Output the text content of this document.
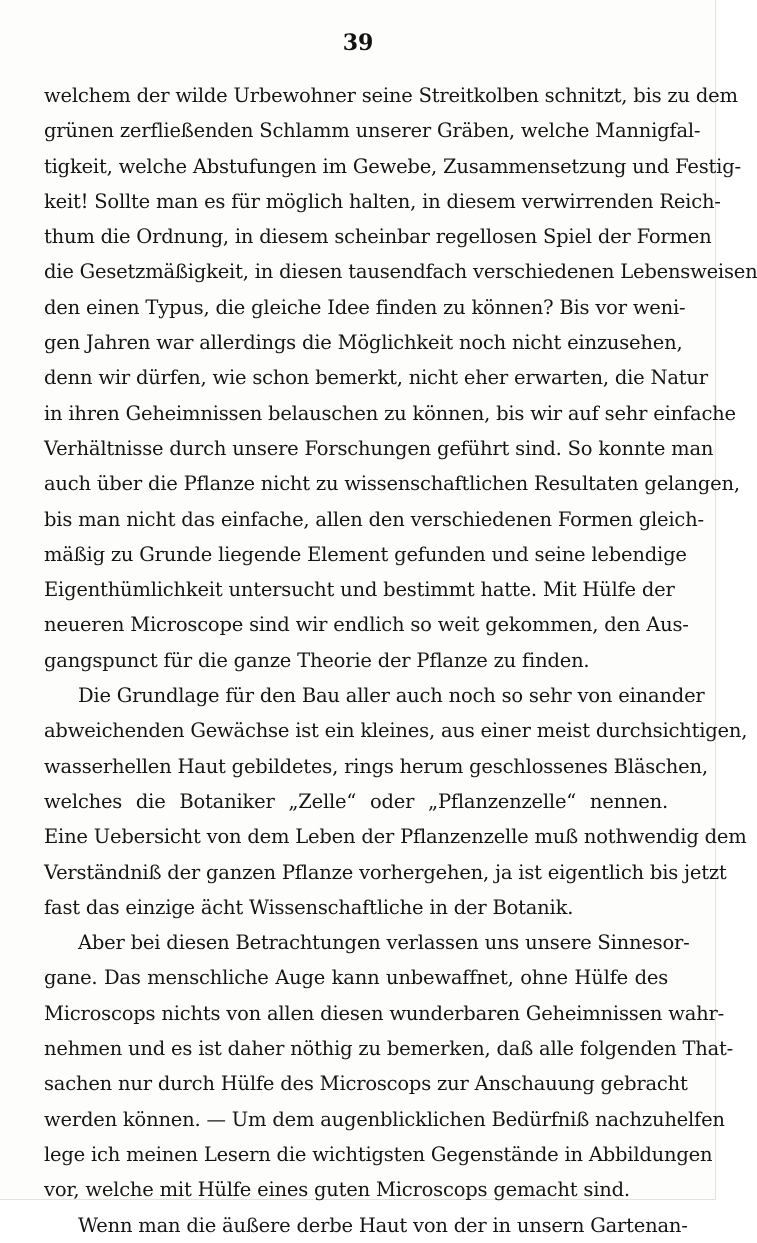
39
welchem der wilde Urbewohner seine Streitkolben schnitzt, bis zu dem
grünen zerfließenden Schlamm unserer Gräben, welche Mannigfal-
tigkeit, welche Abstufungen im Gewebe, Zusammensetzung und Festig-
keit! Sollte man es für möglich halten, in diesem verwirrenden Reich-
thum die Ordnung, in diesem scheinbar regellosen Spiel der Formen
die Gesetzmäßigkeit, in diesen tausendfach verschiedenen Lebensweisen
den einen Typus, die gleiche Idee finden zu können? Bis vor weni-
gen Jahren war allerdings die Möglichkeit noch nicht einzusehen,
denn wir dürfen, wie schon bemerkt, nicht eher erwarten, die Natur
in ihren Geheimnissen belauschen zu können, bis wir auf sehr einfache
Verhältnisse durch unsere Forschungen geführt sind. So konnte man
auch über die Pflanze nicht zu wissenschaftlichen Resultaten gelangen,
bis man nicht das einfache, allen den verschiedenen Formen gleich-
mäßig zu Grunde liegende Element gefunden und seine lebendige
Eigenthümlichkeit untersucht und bestimmt hatte. Mit Hülfe der
neueren Microscope sind wir endlich so weit gekommen, den Aus-
gangspunct für die ganze Theorie der Pflanze zu finden.
Die Grundlage für den Bau aller auch noch so sehr von einander
abweichenden Gewächse ist ein kleines, aus einer meist durchsichtigen,
wasserhellen Haut gebildetes, rings herum geschlossenes Bläschen,
welches die Botaniker „Zelle“ oder „Pflanzenzelle“ nennen.
Eine Uebersicht von dem Leben der Pflanzenzelle muß nothwendig dem
Verständniß der ganzen Pflanze vorhergehen, ja ist eigentlich bis jetzt
fast das einzige ächt Wissenschaftliche in der Botanik.
Aber bei diesen Betrachtungen verlassen uns unsere Sinnesor-
gane. Das menschliche Auge kann unbewaffnet, ohne Hülfe des
Microscops nichts von allen diesen wunderbaren Geheimnissen wahr-
nehmen und es ist daher nöthig zu bemerken, daß alle folgenden That-
sachen nur durch Hülfe des Microscops zur Anschauung gebracht
werden können. — Um dem augenblicklichen Bedürfniß nachzuhelfen
lege ich meinen Lesern die wichtigsten Gegenstände in Abbildungen
vor, welche mit Hülfe eines guten Microscops gemacht sind.
Wenn man die äußere derbe Haut von der in unsern Gartenan-
